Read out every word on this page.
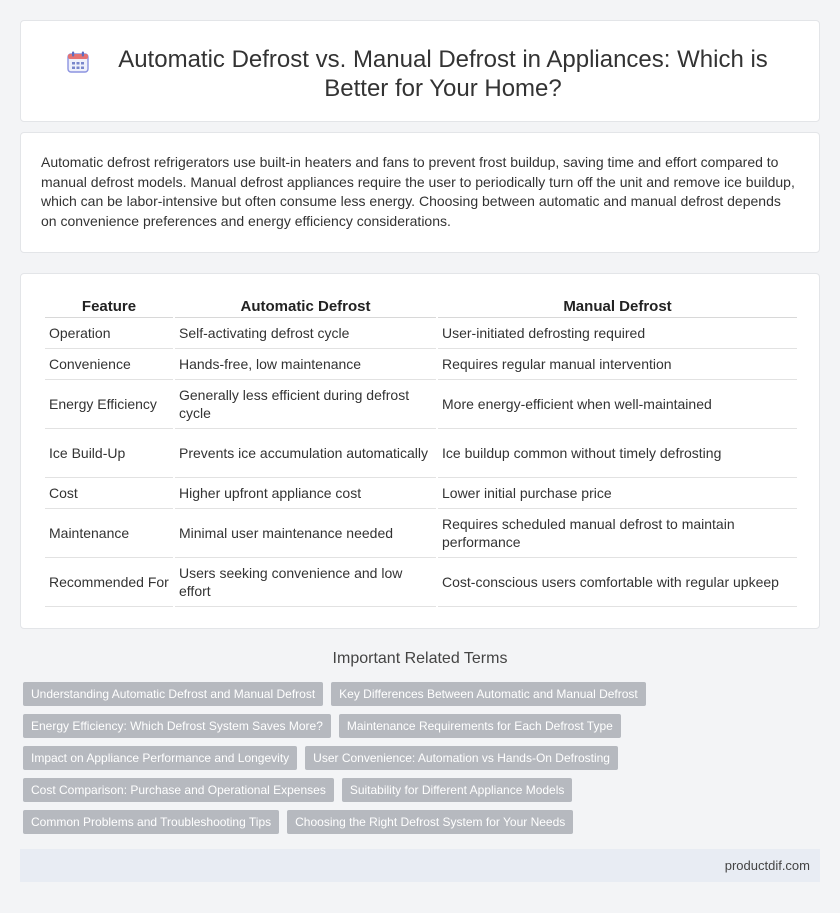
Automatic Defrost vs. Manual Defrost in Appliances: Which is Better for Your Home?

Automatic defrost refrigerators use built-in heaters and fans to prevent frost buildup, saving time and effort compared to manual defrost models. Manual defrost appliances require the user to periodically turn off the unit and remove ice buildup, which can be labor-intensive but often consume less energy. Choosing between automatic and manual defrost depends on convenience preferences and energy efficiency considerations.

Feature	Automatic Defrost	Manual Defrost
Operation	Self-activating defrost cycle	User-initiated defrosting required
Convenience	Hands-free, low maintenance	Requires regular manual intervention
Energy Efficiency	Generally less efficient during defrost cycle	More energy-efficient when well-maintained
Ice Build-Up	Prevents ice accumulation automatically	Ice buildup common without timely defrosting
Cost	Higher upfront appliance cost	Lower initial purchase price
Maintenance	Minimal user maintenance needed	Requires scheduled manual defrost to maintain performance
Recommended For	Users seeking convenience and low effort	Cost-conscious users comfortable with regular upkeep
Important Related Terms
Understanding Automatic Defrost and Manual Defrost	Key Differences Between Automatic and Manual Defrost
Energy Efficiency: Which Defrost System Saves More?	Maintenance Requirements for Each Defrost Type
Impact on Appliance Performance and Longevity	User Convenience: Automation vs Hands-On Defrosting
Cost Comparison: Purchase and Operational Expenses	Suitability for Different Appliance Models
Common Problems and Troubleshooting Tips	Choosing the Right Defrost System for Your Needs
productdif.com
